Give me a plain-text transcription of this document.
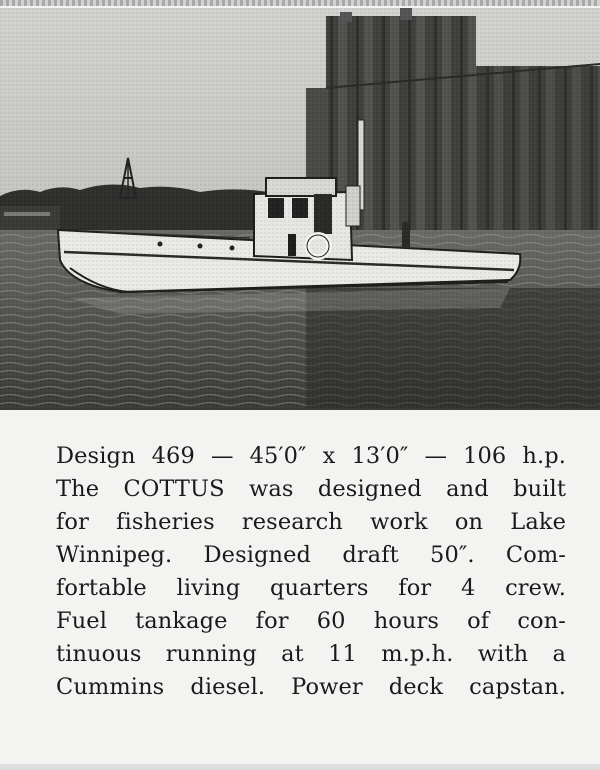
Design 469 — 45′0″ x 13′0″ — 106 h.p.
The COTTUS was designed and built
for fisheries research work on Lake
Winnipeg. Designed draft 50″. Com-
fortable living quarters for 4 crew.
Fuel tankage for 60 hours of con-
tinuous running at 11 m.p.h. with a
Cummins diesel. Power deck capstan.
